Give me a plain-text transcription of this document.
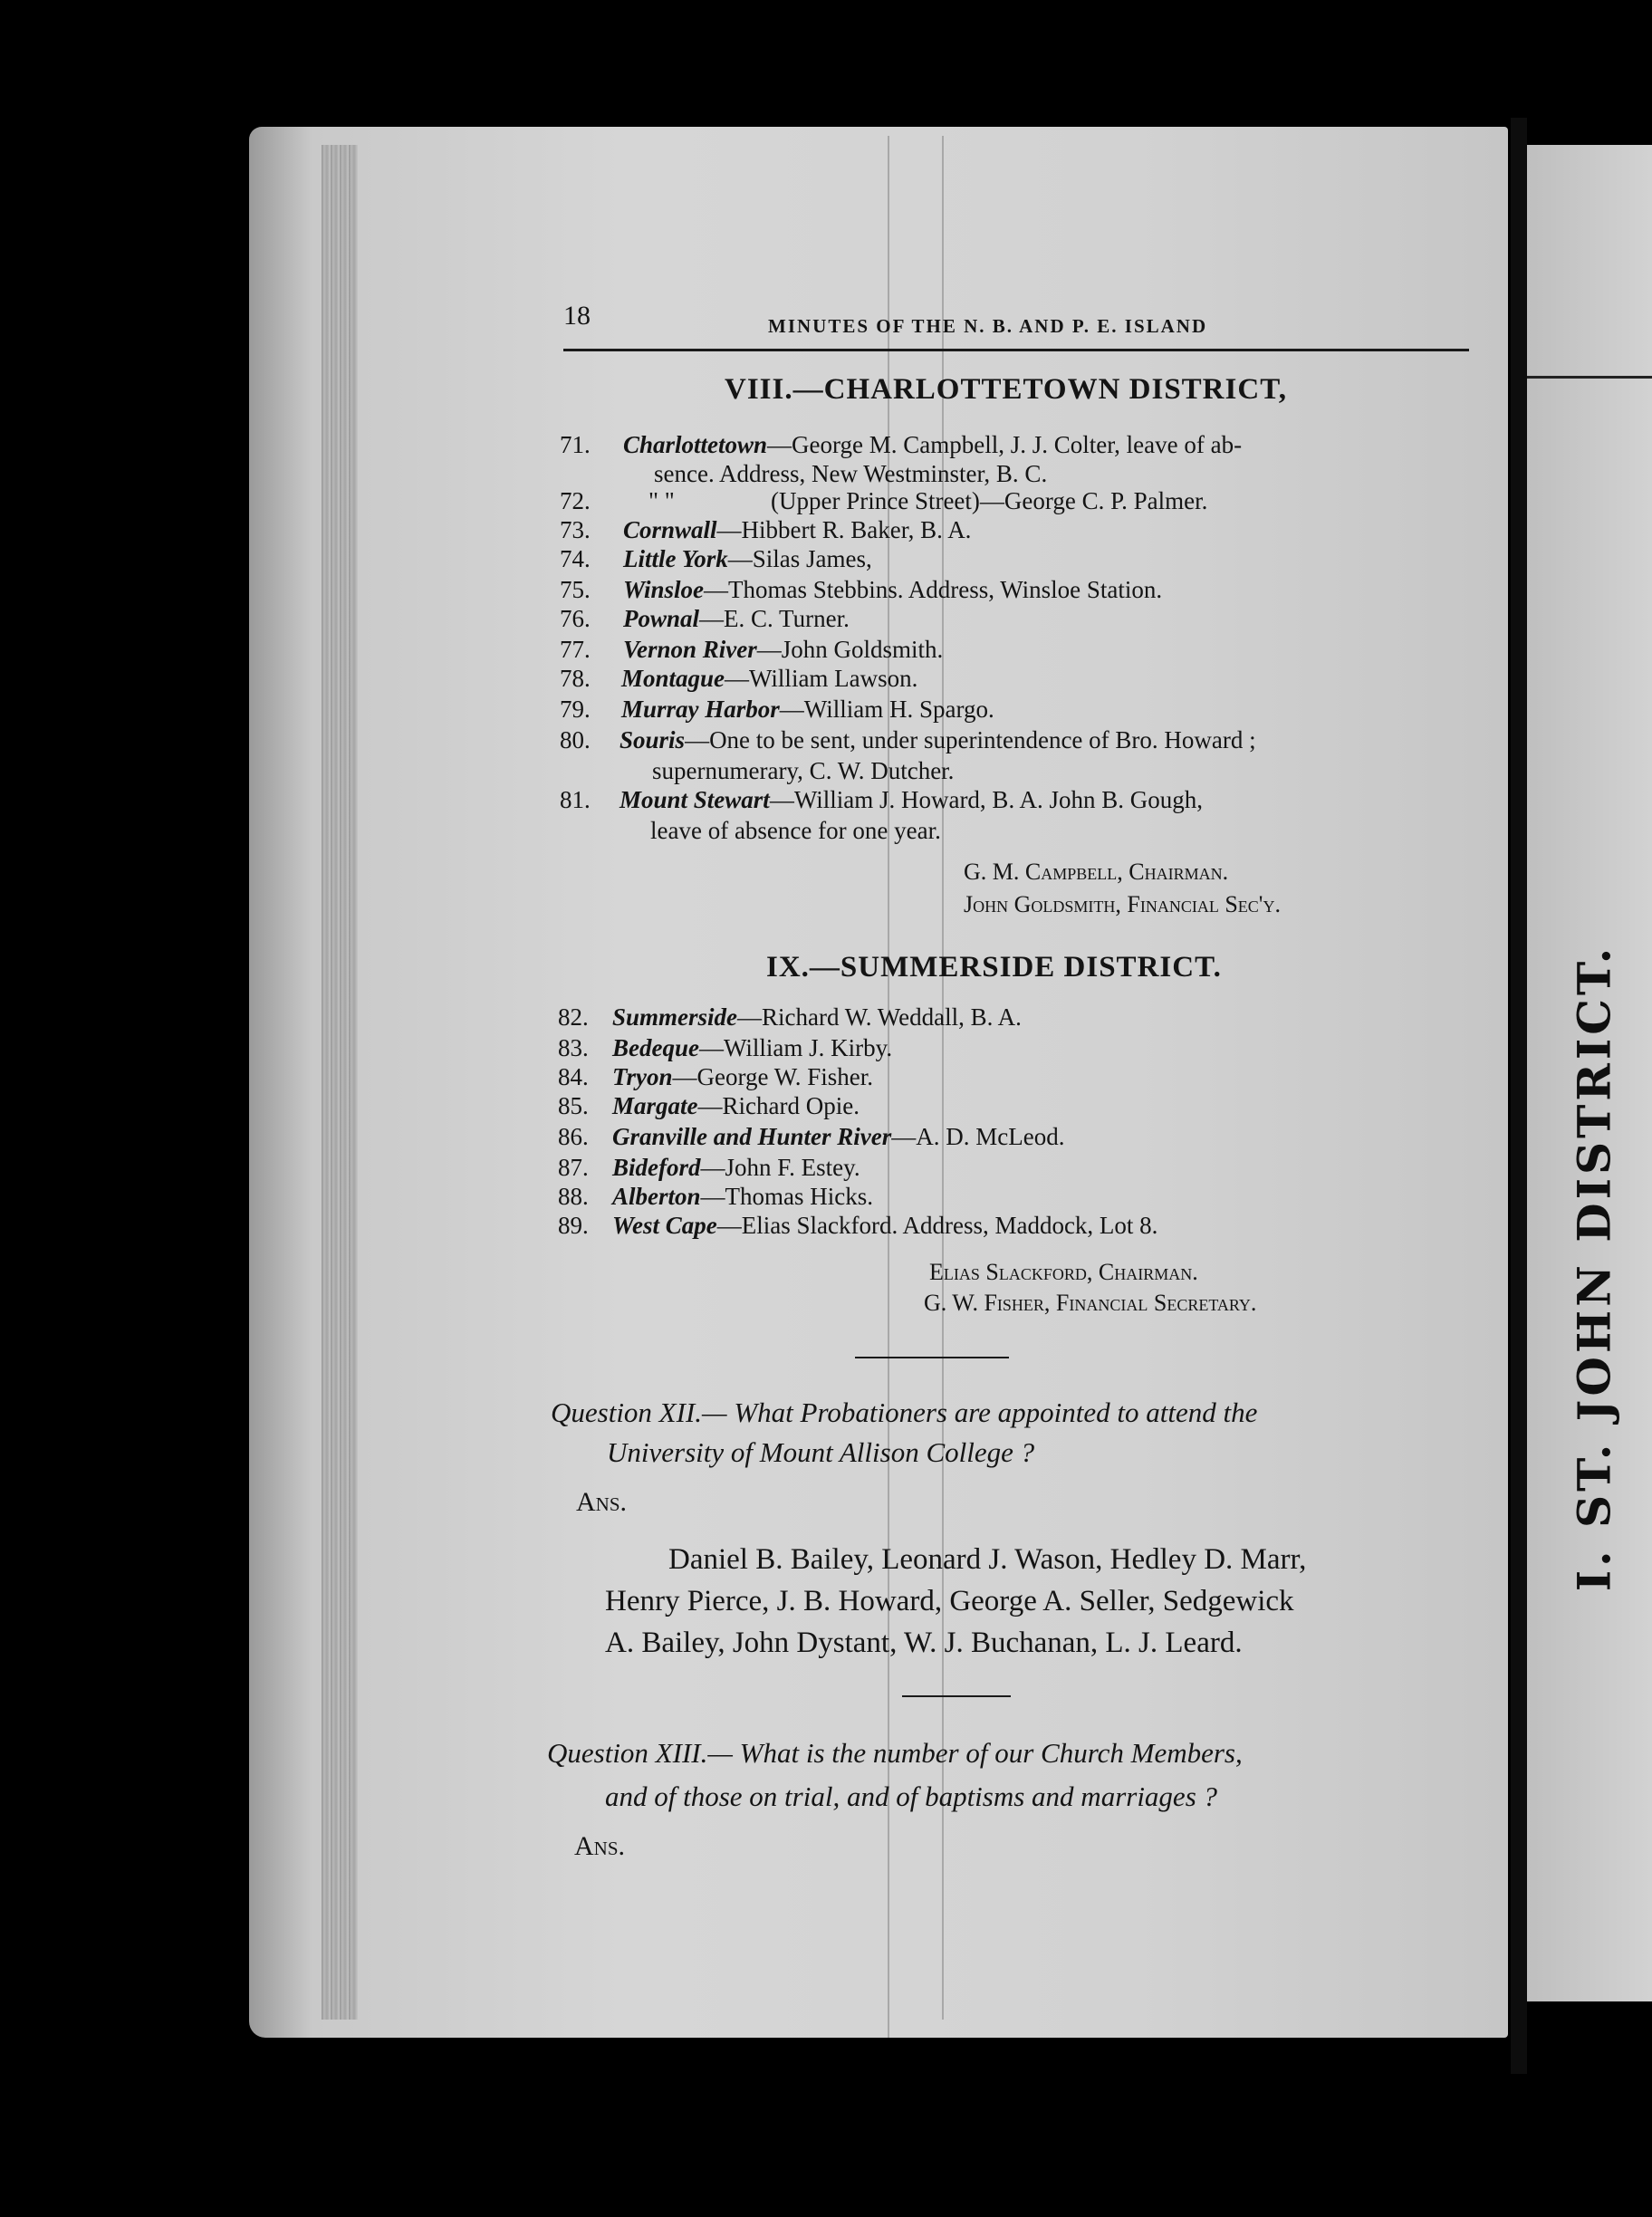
I. ST. JOHN DISTRICT.
18	MINUTES OF THE N. B. AND P. E. ISLAND
VIII.—CHARLOTTETOWN DISTRICT,
71. Charlottetown—George M. Campbell, J. J. Colter, leave of ab-
sence. Address, New Westminster, B. C.
72. " "	(Upper Prince Street)—George C. P. Palmer.
73. Cornwall—Hibbert R. Baker, B. A.
74. Little York—Silas James,
75. Winsloe—Thomas Stebbins. Address, Winsloe Station.
76. Pownal—E. C. Turner.
77. Vernon River—John Goldsmith.
78. Montague—William Lawson.
79. Murray Harbor—William H. Spargo.
80. Souris—One to be sent, under superintendence of Bro. Howard ;
supernumerary, C. W. Dutcher.
81. Mount Stewart—William J. Howard, B. A. John B. Gough,
leave of absence for one year.
G. M. Campbell, Chairman.
John Goldsmith, Financial Sec'y.
IX.—SUMMERSIDE DISTRICT.
82. Summerside—Richard W. Weddall, B. A.
83. Bedeque—William J. Kirby.
84. Tryon—George W. Fisher.
85. Margate—Richard Opie.
86. Granville and Hunter River—A. D. McLeod.
87. Bideford—John F. Estey.
88. Alberton—Thomas Hicks.
89. West Cape—Elias Slackford. Address, Maddock, Lot 8.
Elias Slackford, Chairman.
G. W. Fisher, Financial Secretary.
Question XII.— What Probationers are appointed to attend the
University of Mount Allison College ?
Ans.
Daniel B. Bailey, Leonard J. Wason, Hedley D. Marr,
Henry Pierce, J. B. Howard, George A. Seller, Sedgewick
A. Bailey, John Dystant, W. J. Buchanan, L. J. Leard.
Question XIII.— What is the number of our Church Members,
and of those on trial, and of baptisms and marriages ?
Ans.
